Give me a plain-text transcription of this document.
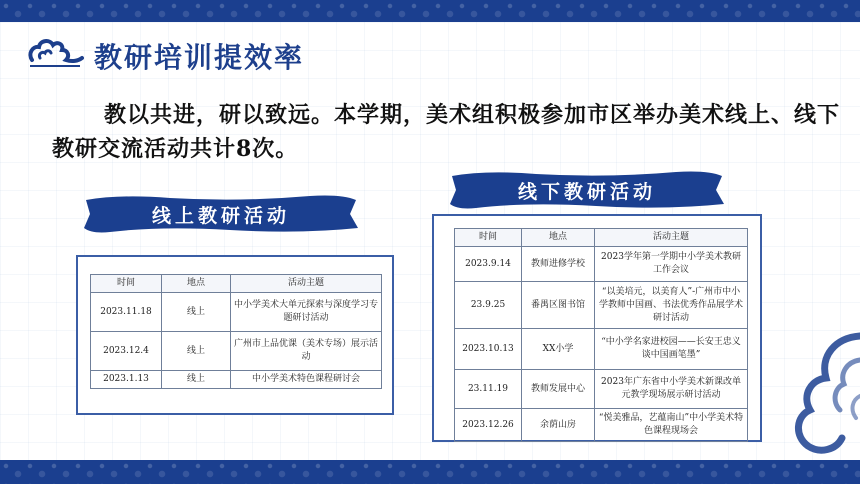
教研培训提效率
教以共进，研以致远。本学期，美术组积极参加市区举办美术线上、线下教研交流活动共计8次。
线上教研活动
线下教研活动
时间	地点	活动主题
2023.11.18	线上	中小学美术大单元探索与深度学习专题研讨活动
2023.12.4	线上	广州市上品优课（美术专场）展示活动
2023.1.13	线上	中小学美术特色课程研讨会
时间	地点	活动主题
2023.9.14	教师进修学校	2023学年第一学期中小学美术教研工作会议
23.9.25	番禺区图书馆	“以美培元，以美育人”-广州市中小学教师中国画、书法优秀作品展学术研讨活动
2023.10.13	XX小学	“中小学名家进校园——长安王忠义谈中国画笔墨”
23.11.19	教师发展中心	2023年广东省中小学美术新课改单元教学现场展示研讨活动
2023.12.26	余荫山房	“悦美雅品，艺蕴南山”中小学美术特色课程现场会
